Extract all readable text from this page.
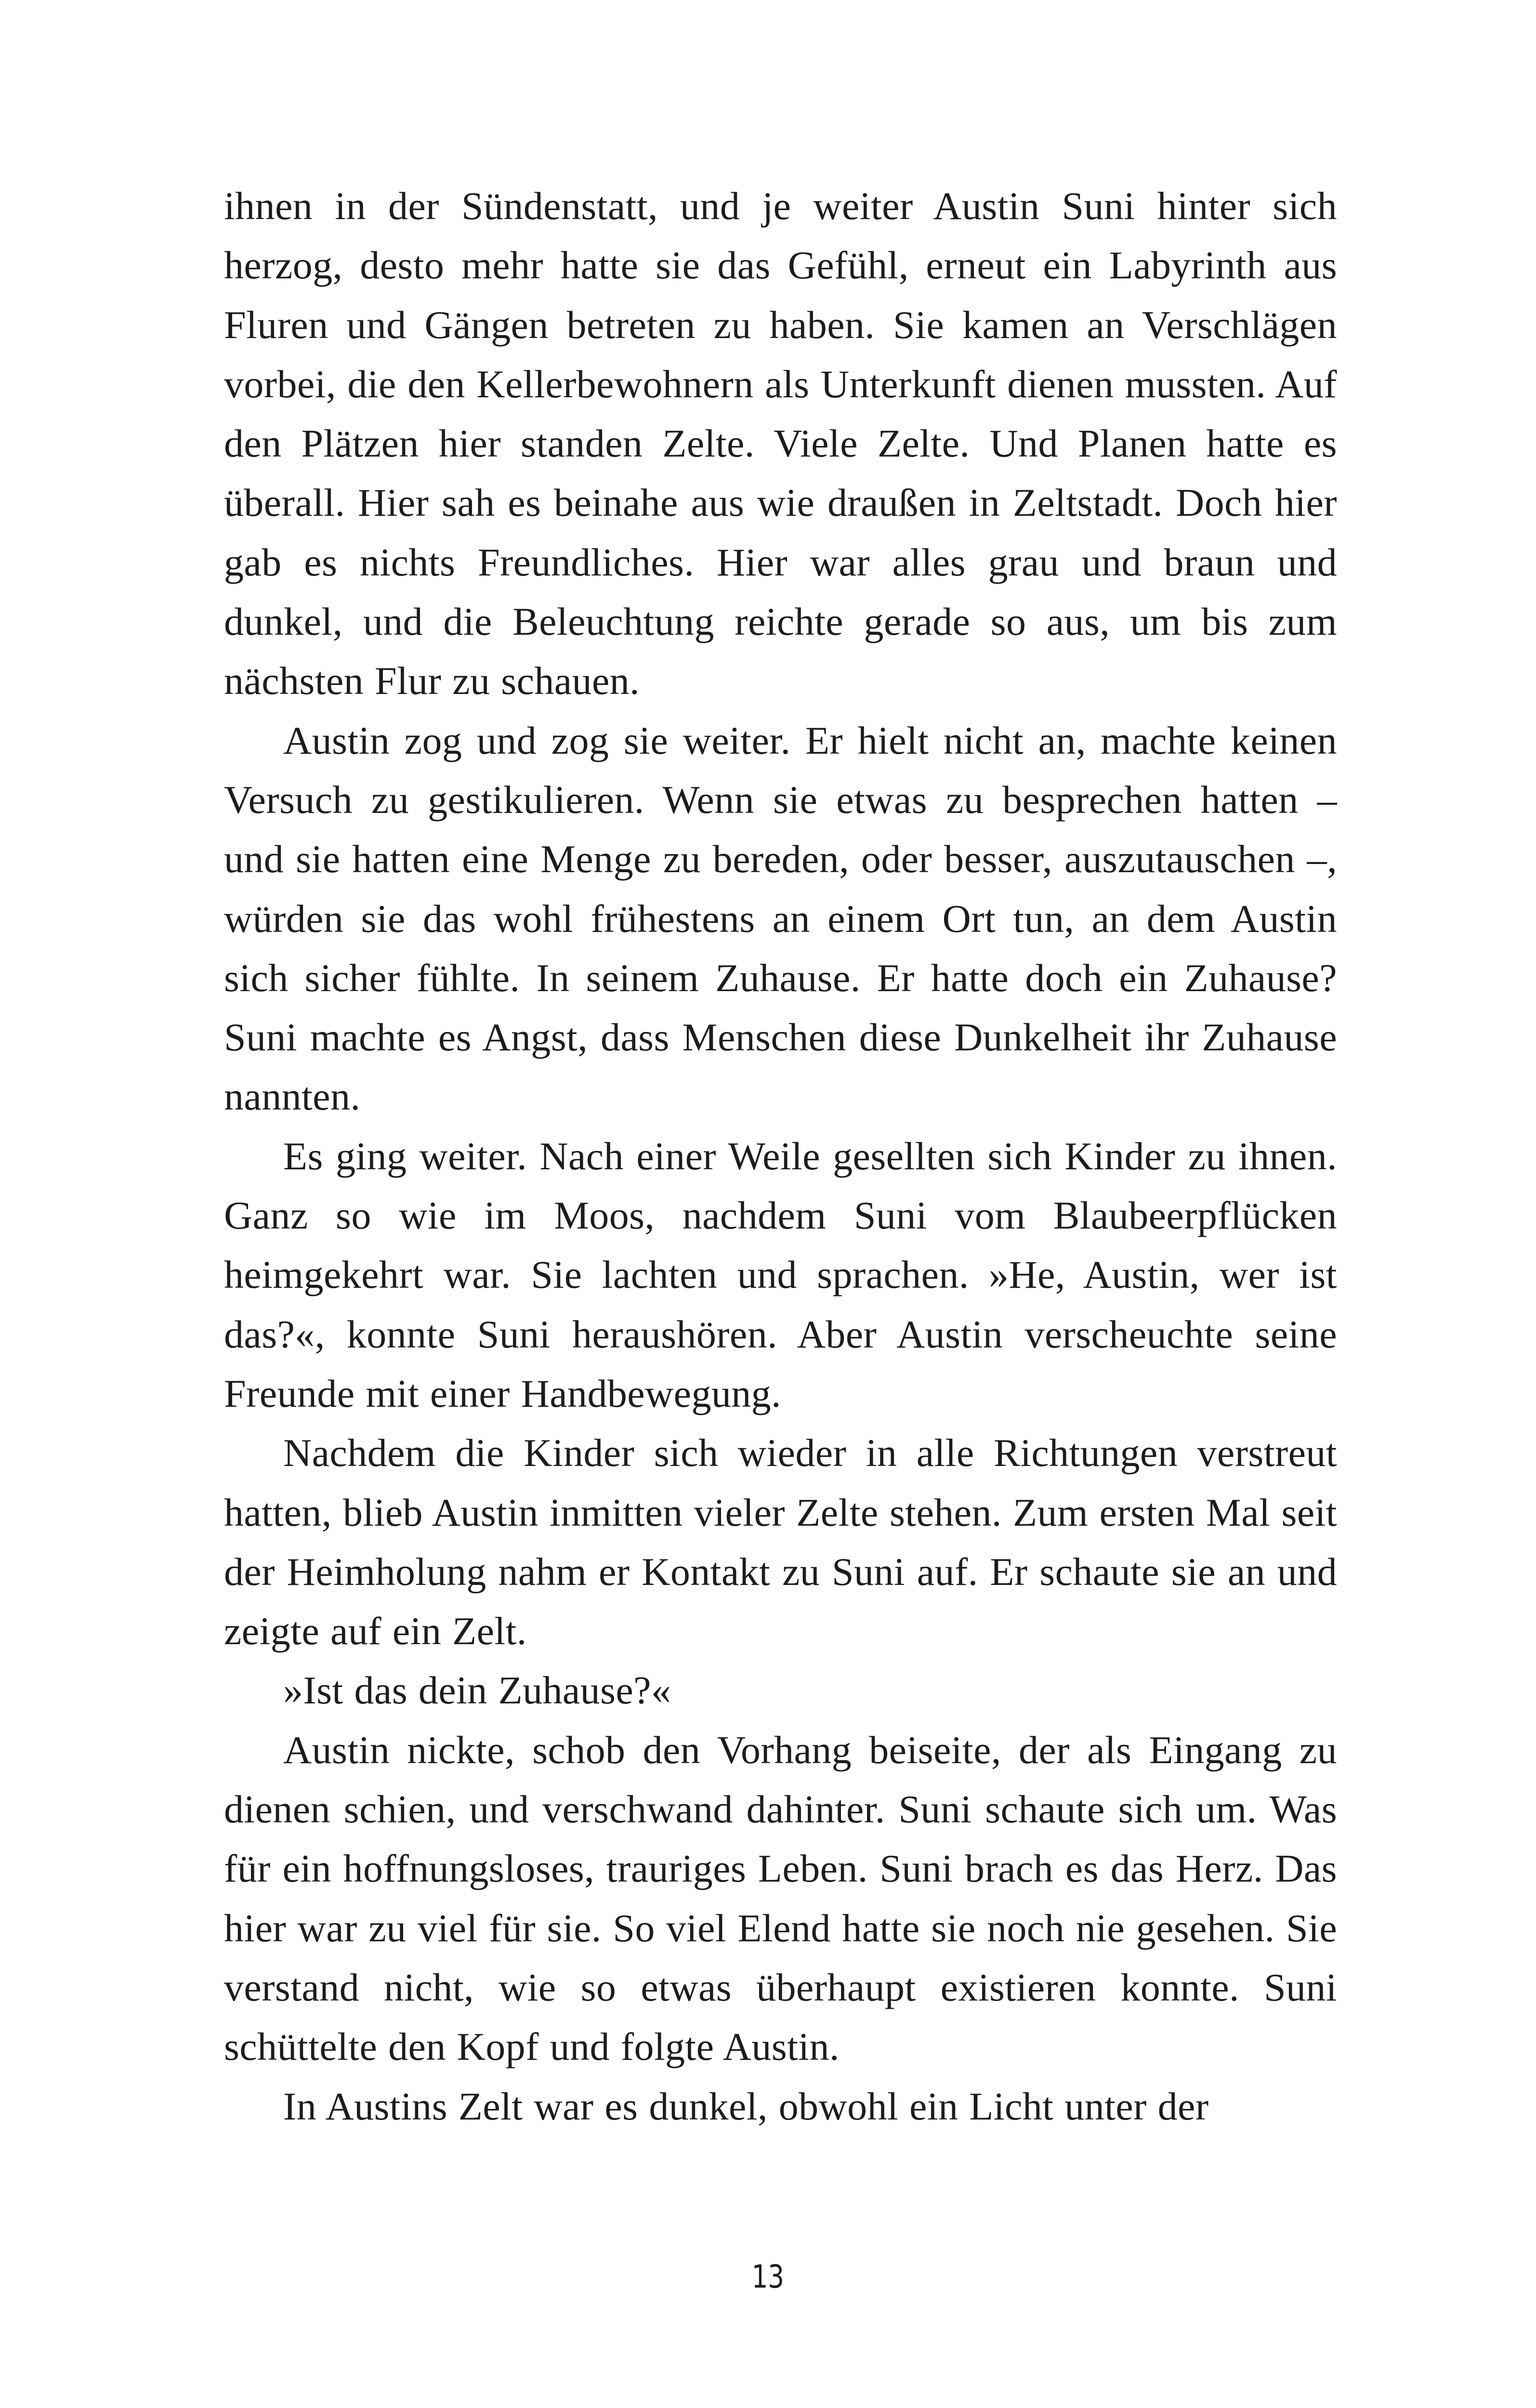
ihnen in der Sündenstatt, und je weiter Austin Suni hinter sich herzog, desto mehr hatte sie das Gefühl, erneut ein Labyrinth aus Fluren und Gängen betreten zu haben. Sie kamen an Verschlägen vorbei, die den Kellerbewohnern als Unterkunft dienen mussten. Auf den Plätzen hier standen Zelte. Viele Zelte. Und Planen hatte es überall. Hier sah es beinahe aus wie draußen in Zeltstadt. Doch hier gab es nichts Freundliches. Hier war alles grau und braun und dunkel, und die Beleuchtung reichte gerade so aus, um bis zum nächsten Flur zu schauen.

Austin zog und zog sie weiter. Er hielt nicht an, machte keinen Versuch zu gestikulieren. Wenn sie etwas zu besprechen hatten – und sie hatten eine Menge zu bereden, oder besser, auszutauschen –, würden sie das wohl frühestens an einem Ort tun, an dem Austin sich sicher fühlte. In seinem Zuhause. Er hatte doch ein Zuhause? Suni machte es Angst, dass Menschen diese Dunkelheit ihr Zuhause nannten.

Es ging weiter. Nach einer Weile gesellten sich Kinder zu ihnen. Ganz so wie im Moos, nachdem Suni vom Blaubeerpflücken heimgekehrt war. Sie lachten und sprachen. »He, Austin, wer ist das?«, konnte Suni heraushören. Aber Austin verscheuchte seine Freunde mit einer Handbewegung.

Nachdem die Kinder sich wieder in alle Richtungen verstreut hatten, blieb Austin inmitten vieler Zelte stehen. Zum ersten Mal seit der Heimholung nahm er Kontakt zu Suni auf. Er schaute sie an und zeigte auf ein Zelt.

»Ist das dein Zuhause?«

Austin nickte, schob den Vorhang beiseite, der als Eingang zu dienen schien, und verschwand dahinter. Suni schaute sich um. Was für ein hoffnungsloses, trauriges Leben. Suni brach es das Herz. Das hier war zu viel für sie. So viel Elend hatte sie noch nie gesehen. Sie verstand nicht, wie so etwas überhaupt existieren konnte. Suni schüttelte den Kopf und folgte Austin.

In Austins Zelt war es dunkel, obwohl ein Licht unter der

13
